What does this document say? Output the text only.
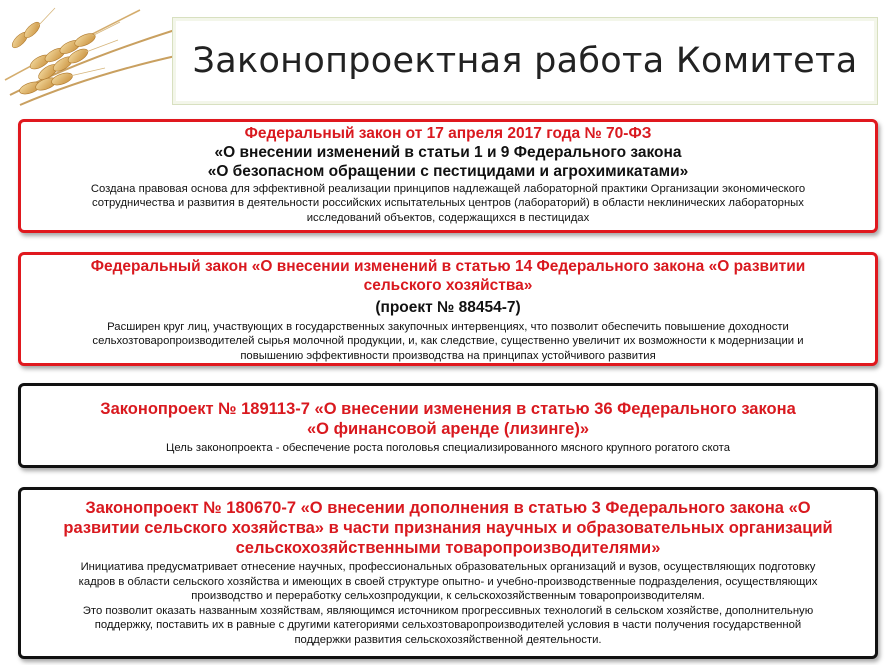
Законопроектная работа Комитета
Федеральный закон от 17 апреля 2017 года № 70-ФЗ
«О внесении изменений в статьи 1 и 9 Федерального закона
«О безопасном обращении с пестицидами и агрохимикатами»
Создана правовая основа для эффективной реализации принципов надлежащей лабораторной практики Организации экономического
сотрудничества и развития в деятельности российских испытательных центров (лабораторий) в области неклинических лабораторных
исследований объектов, содержащихся в пестицидах
Федеральный закон «О внесении изменений в статью 14 Федерального закона «О развитии
сельского хозяйства»
(проект № 88454-7)
Расширен круг лиц, участвующих в государственных закупочных интервенциях, что позволит обеспечить повышение доходности
сельхозтоваропроизводителей сырья молочной продукции, и, как следствие, существенно увеличит их возможности к модернизации и
повышению эффективности производства на принципах устойчивого развития
Законопроект № 189113-7 «О внесении изменения в статью 36 Федерального закона
«О финансовой аренде (лизинге)»
Цель законопроекта - обеспечение роста поголовья специализированного мясного крупного рогатого скота
Законопроект № 180670-7 «О внесении дополнения в статью 3 Федерального закона «О
развитии сельского хозяйства» в части признания научных и образовательных организаций
сельскохозяйственными товаропроизводителями»
Инициатива предусматривает отнесение научных, профессиональных образовательных организаций и вузов, осуществляющих подготовку
кадров в области сельского хозяйства и имеющих в своей структуре опытно- и учебно-производственные подразделения, осуществляющих
производство и переработку сельхозпродукции, к сельскохозяйственным товаропроизводителям.
Это позволит оказать названным хозяйствам, являющимся источником прогрессивных технологий в сельском хозяйстве, дополнительную
поддержку, поставить их в равные с другими категориями сельхозтоваропроизводителей условия в части получения государственной
поддержки развития сельскохозяйственной деятельности.
